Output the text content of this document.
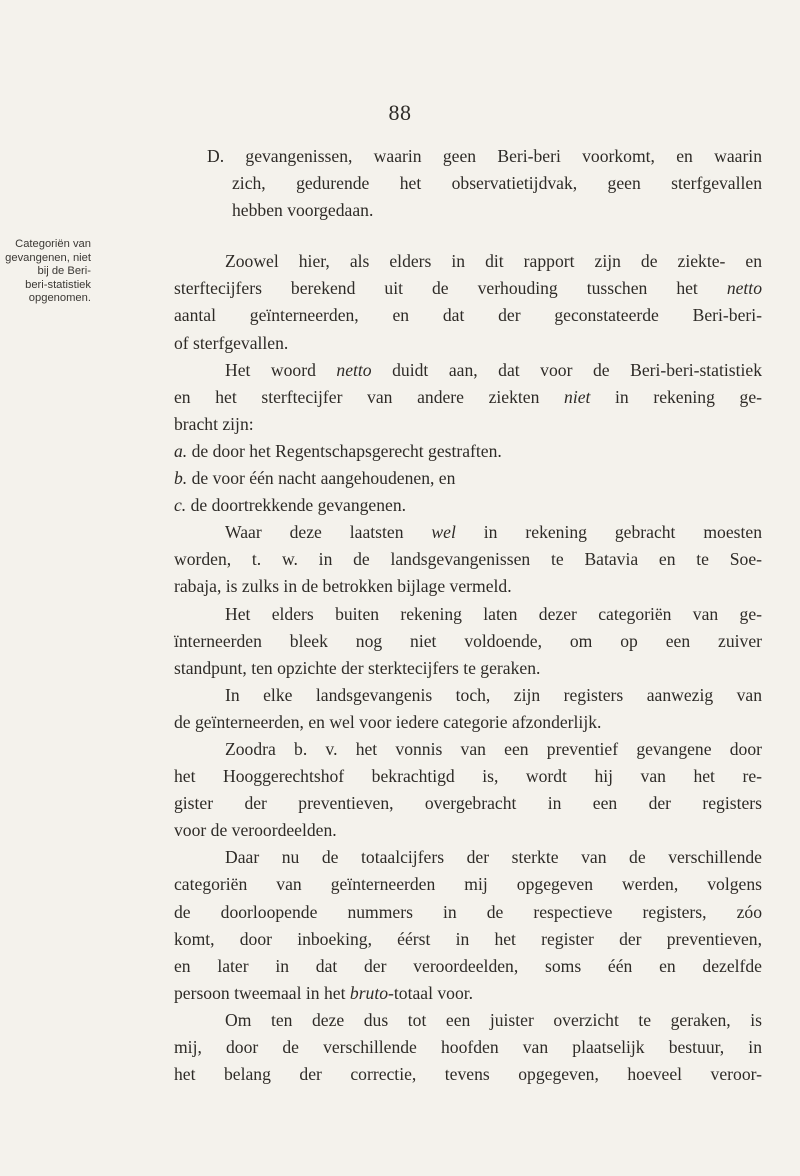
88
Categoriën van
gevangenen, niet
bij de Beri-
beri-statistiek
opgenomen.
D. gevangenissen, waarin geen Beri-beri voorkomt, en waarin
zich, gedurende het observatietijdvak, geen sterfgevallen
hebben voorgedaan.
Zoowel hier, als elders in dit rapport zijn de ziekte- en
sterftecijfers berekend uit de verhouding tusschen het netto
aantal geïnterneerden, en dat der geconstateerde Beri-beri-
of sterfgevallen.
Het woord netto duidt aan, dat voor de Beri-beri-statistiek
en het sterftecijfer van andere ziekten niet in rekening ge-
bracht zijn:
a. de door het Regentschapsgerecht gestraften.
b. de voor één nacht aangehoudenen, en
c. de doortrekkende gevangenen.
Waar deze laatsten wel in rekening gebracht moesten
worden, t. w. in de landsgevangenissen te Batavia en te Soe-
rabaja, is zulks in de betrokken bijlage vermeld.
Het elders buiten rekening laten dezer categoriën van ge-
ïnterneerden bleek nog niet voldoende, om op een zuiver
standpunt, ten opzichte der sterktecijfers te geraken.
In elke landsgevangenis toch, zijn registers aanwezig van
de geïnterneerden, en wel voor iedere categorie afzonderlijk.
Zoodra b. v. het vonnis van een preventief gevangene door
het Hooggerechtshof bekrachtigd is, wordt hij van het re-
gister der preventieven, overgebracht in een der registers
voor de veroordeelden.
Daar nu de totaalcijfers der sterkte van de verschillende
categoriën van geïnterneerden mij opgegeven werden, volgens
de doorloopende nummers in de respectieve registers, zóo
komt, door inboeking, éérst in het register der preventieven,
en later in dat der veroordeelden, soms één en dezelfde
persoon tweemaal in het bruto-totaal voor.
Om ten deze dus tot een juister overzicht te geraken, is
mij, door de verschillende hoofden van plaatselijk bestuur, in
het belang der correctie, tevens opgegeven, hoeveel veroor-
